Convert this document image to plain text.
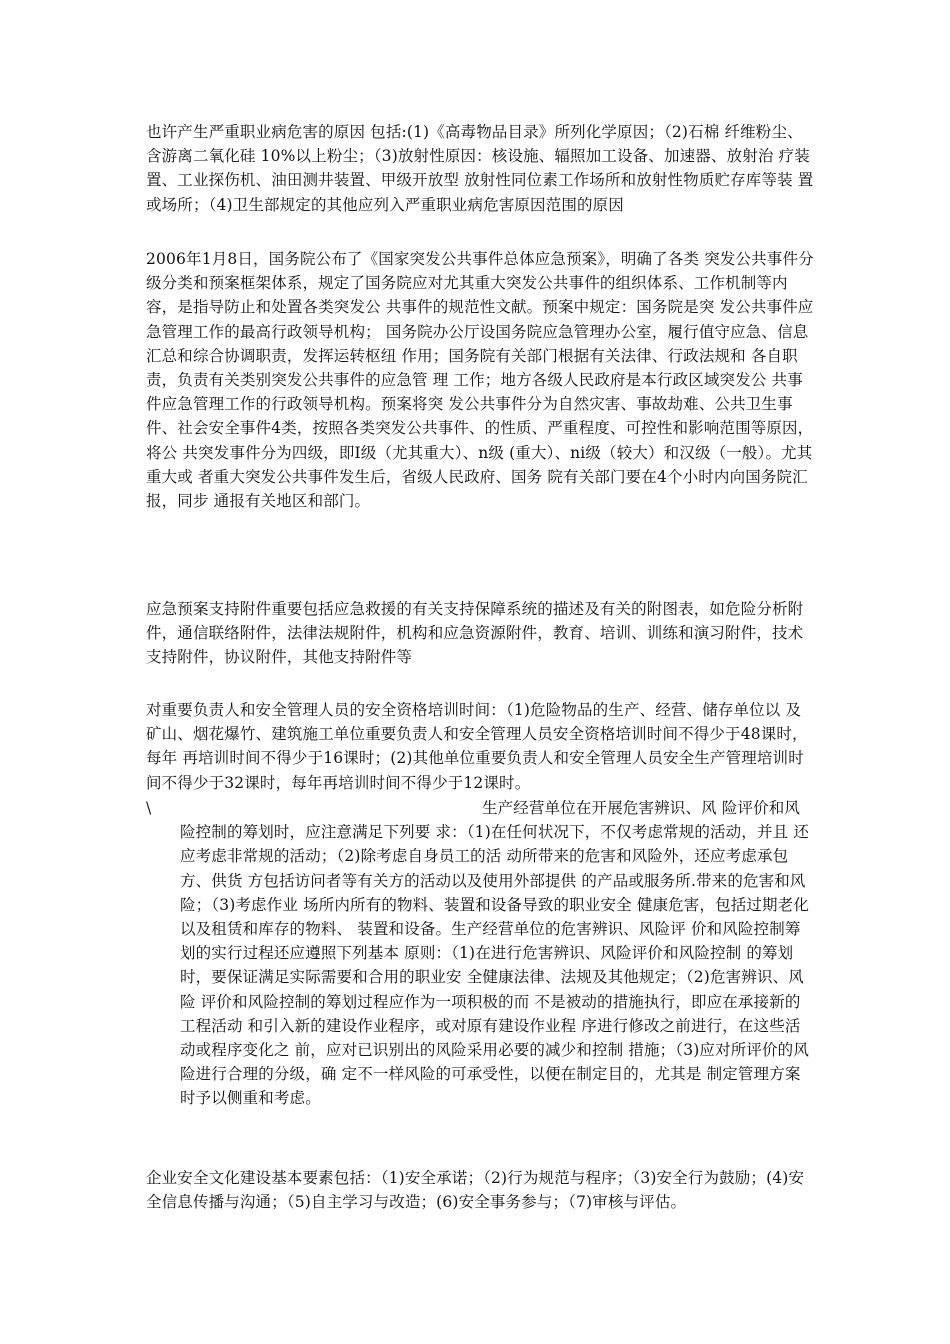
也许产生严重职业病危害的原因 包括:(1)《高毒物品目录》所列化学原因；（2)石棉 纤维粉尘、含游离二氧化硅 10%以上粉尘；（3)放射性原因：核设施、辐照加工设备、加速器、放射治 疗装置、工业探伤机、油田测井装置、甲级开放型 放射性同位素工作场所和放射性物质贮存库等装 置或场所；（4)卫生部规定的其他应列入严重职业病危害原因范围的原因

2006年1月8日，国务院公布了《国家突发公共事件总体应急预案》，明确了各类 突发公共事件分级分类和预案框架体系，规定了国务院应对尤其重大突发公共事件的组织体系、工作机制等内容，是指导防止和处置各类突发公 共事件的规范性文献。预案中规定：国务院是突 发公共事件应急管理工作的最高行政领导机构； 国务院办公厅设国务院应急管理办公室，履行值守应急、信息汇总和综合协调职责，发挥运转枢纽 作用；国务院有关部门根据有关法律、行政法规和 各自职责，负责有关类别突发公共事件的应急管 理 工作；地方各级人民政府是本行政区域突发公 共事件应急管理工作的行政领导机构。预案将突 发公共事件分为自然灾害、事故劫难、公共卫生事 件、社会安全事件4类，按照各类突发公共事件、的性质、严重程度、可控性和影响范围等原因，将公 共突发事件分为四级，即I级（尤其重大）、n级 (重大）、ni级（较大）和汉级（一般）。尤其重大或 者重大突发公共事件发生后，省级人民政府、国务 院有关部门要在4个小时内向国务院汇报，同步 通报有关地区和部门。

应急预案支持附件重要包括应急救援的有关支持保障系统的描述及有关的附图表，如危险分析附件，通信联络附件，法律法规附件，机构和应急资源附件，教育、培训、训练和演习附件，技术支持附件，协议附件，其他支持附件等

对重要负责人和安全管理人员的安全资格培训时间：（1)危险物品的生产、经营、储存单位以 及矿山、烟花爆竹、建筑施工单位重要负责人和安全管理人员安全资格培训时间不得少于48课时，每年 再培训时间不得少于16课时；(2)其他单位重要负责人和安全管理人员安全生产管理培训时间不得少于32课时，每年再培训时间不得少于12课时。

\	生产经营单位在开展危害辨识、风 险评价和风险控制的筹划时，应注意满足下列要 求：（1)在任何状况下，不仅考虑常规的活动，并且 还应考虑非常规的活动；（2)除考虑自身员工的活 动所带来的危害和风险外，还应考虑承包方、供货 方包括访问者等有关方的活动以及使用外部提供 的产品或服务所.带来的危害和风险；（3)考虑作业 场所内所有的物料、装置和设备导致的职业安全 健康危害，包括过期老化以及租赁和库存的物料、 装置和设备。生产经营单位的危害辨识、风险评 价和风险控制筹划的实行过程还应遵照下列基本 原则：（1)在进行危害辨识、风险评价和风险控制 的筹划时，要保证满足实际需要和合用的职业安 全健康法律、法规及其他规定；（2)危害辨识、风险 评价和风险控制的筹划过程应作为一项积极的而 不是被动的措施执行，即应在承接新的工程活动 和引入新的建设作业程序，或对原有建设作业程 序进行修改之前进行，在这些活动或程序变化之 前，应对已识别出的风险采用必要的减少和控制 措施；（3)应对所评价的风险进行合理的分级，确 定不一样风险的可承受性，以便在制定目的，尤其是 制定管理方案时予以侧重和考虑。

企业安全文化建设基本要素包括：（1)安全承诺；（2)行为规范与程序；（3)安全行为鼓励；(4)安全信息传播与沟通；（5)自主学习与改造；(6)安全事务参与；（7)审核与评估。
